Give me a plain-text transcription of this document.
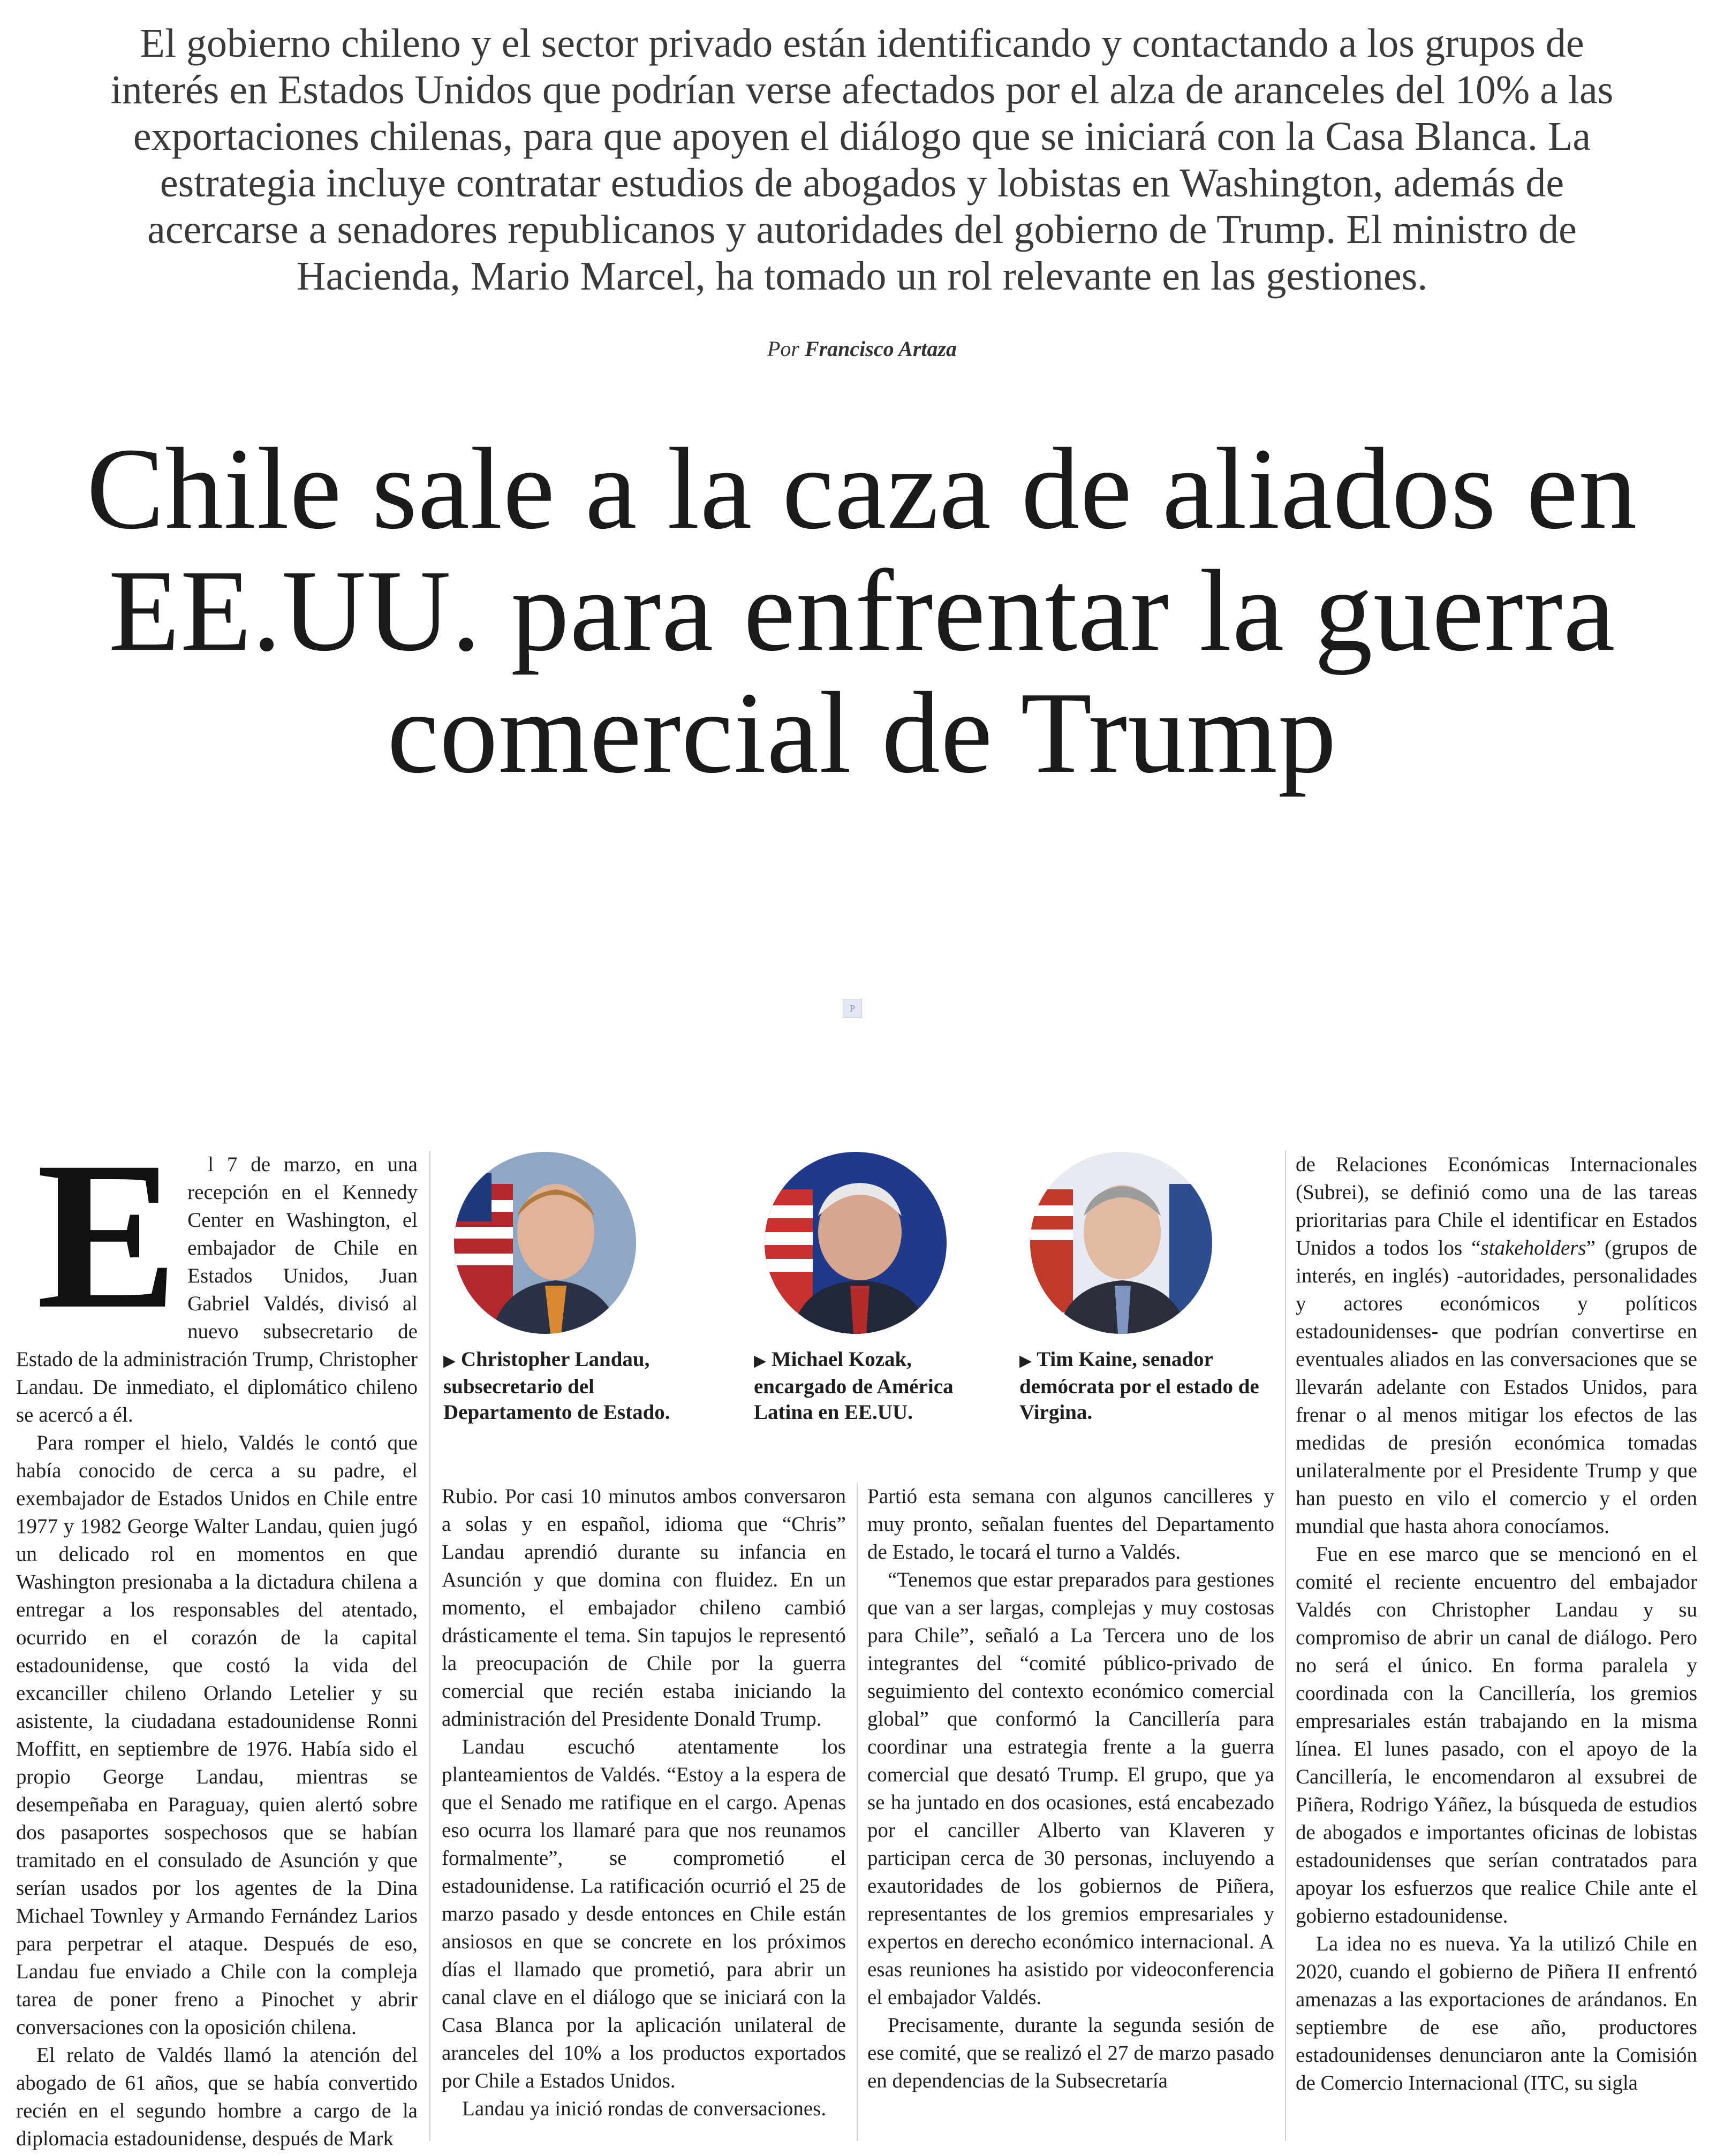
El gobierno chileno y el sector privado están identificando y contactando a los grupos de

interés en Estados Unidos que podrían verse afectados por el alza de aranceles del 10% a las

exportaciones chilenas, para que apoyen el diálogo que se iniciará con la Casa Blanca. La

estrategia incluye contratar estudios de abogados y lobistas en Washington, además de

acercarse a senadores republicanos y autoridades del gobierno de Trump. El ministro de

Hacienda, Mario Marcel, ha tomado un rol relevante en las gestiones.

Por Francisco Artaza
Chile sale a la caza de aliados en
EE.UU. para enfrentar la guerra
comercial de Trump
P

E l 7 de marzo, en una recepción en el Kennedy Center en Washington, el embajador de Chile en Estados Unidos, Juan Gabriel Valdés, divisó al nuevo subsecretario de Estado de la administración Trump, Christopher Landau. De inmediato, el diplomático chileno se acercó a él.

Para romper el hielo, Valdés le contó que había conocido de cerca a su padre, el exembajador de Estados Unidos en Chile entre 1977 y 1982 George Walter Landau, quien jugó un delicado rol en momentos en que Washington presionaba a la dictadura chilena a entregar a los responsables del atentado, ocurrido en el corazón de la capital estadounidense, que costó la vida del excanciller chileno Orlando Letelier y su asistente, la ciudadana estadounidense Ronni Moffitt, en septiembre de 1976. Había sido el propio George Landau, mientras se desempeñaba en Paraguay, quien alertó sobre dos pasaportes sospechosos que se habían tramitado en el consulado de Asunción y que serían usados por los agentes de la Dina Michael Townley y Armando Fernández Larios para perpetrar el ataque. Después de eso, Landau fue enviado a Chile con la compleja tarea de poner freno a Pinochet y abrir conversaciones con la oposición chilena.

El relato de Valdés llamó la atención del abogado de 61 años, que se había convertido recién en el segundo hombre a cargo de la diplomacia estadounidense, después de Mark

▶ Christopher Landau, subsecretario del Departamento de Estado.
▶ Michael Kozak, encargado de América Latina en EE.UU.
▶ Tim Kaine, senador demócrata por el estado de Virgina.

Rubio. Por casi 10 minutos ambos conversaron a solas y en español, idioma que “Chris” Landau aprendió durante su infancia en Asunción y que domina con fluidez. En un momento, el embajador chileno cambió drásticamente el tema. Sin tapujos le representó la preocupación de Chile por la guerra comercial que recién estaba iniciando la administración del Presidente Donald Trump.

Landau escuchó atentamente los planteamientos de Valdés. “Estoy a la espera de que el Senado me ratifique en el cargo. Apenas eso ocurra los llamaré para que nos reunamos formalmente”, se comprometió el estadounidense. La ratificación ocurrió el 25 de marzo pasado y desde entonces en Chile están ansiosos en que se concrete en los próximos días el llamado que prometió, para abrir un canal clave en el diálogo que se iniciará con la Casa Blanca por la aplicación unilateral de aranceles del 10% a los productos exportados por Chile a Estados Unidos.

Landau ya inició rondas de conversaciones.

Partió esta semana con algunos cancilleres y muy pronto, señalan fuentes del Departamento de Estado, le tocará el turno a Valdés.

“Tenemos que estar preparados para gestiones que van a ser largas, complejas y muy costosas para Chile”, señaló a La Tercera uno de los integrantes del “comité público-privado de seguimiento del contexto económico comercial global” que conformó la Cancillería para coordinar una estrategia frente a la guerra comercial que desató Trump. El grupo, que ya se ha juntado en dos ocasiones, está encabezado por el canciller Alberto van Klaveren y participan cerca de 30 personas, incluyendo a exautoridades de los gobiernos de Piñera, representantes de los gremios empresariales y expertos en derecho económico internacional. A esas reuniones ha asistido por videoconferencia el embajador Valdés.

Precisamente, durante la segunda sesión de ese comité, que se realizó el 27 de marzo pasado en dependencias de la Subsecretaría

de Relaciones Económicas Internacionales (Subrei), se definió como una de las tareas prioritarias para Chile el identificar en Estados Unidos a todos los “stakeholders” (grupos de interés, en inglés) -autoridades, personalidades y actores económicos y políticos estadounidenses- que podrían convertirse en eventuales aliados en las conversaciones que se llevarán adelante con Estados Unidos, para frenar o al menos mitigar los efectos de las medidas de presión económica tomadas unilateralmente por el Presidente Trump y que han puesto en vilo el comercio y el orden mundial que hasta ahora conocíamos.

Fue en ese marco que se mencionó en el comité el reciente encuentro del embajador Valdés con Christopher Landau y su compromiso de abrir un canal de diálogo. Pero no será el único. En forma paralela y coordinada con la Cancillería, los gremios empresariales están trabajando en la misma línea. El lunes pasado, con el apoyo de la Cancillería, le encomendaron al exsubrei de Piñera, Rodrigo Yáñez, la búsqueda de estudios de abogados e importantes oficinas de lobistas estadounidenses que serían contratados para apoyar los esfuerzos que realice Chile ante el gobierno estadounidense.

La idea no es nueva. Ya la utilizó Chile en 2020, cuando el gobierno de Piñera II enfrentó amenazas a las exportaciones de arándanos. En septiembre de ese año, productores estadounidenses denunciaron ante la Comisión de Comercio Internacional (ITC, su sigla
